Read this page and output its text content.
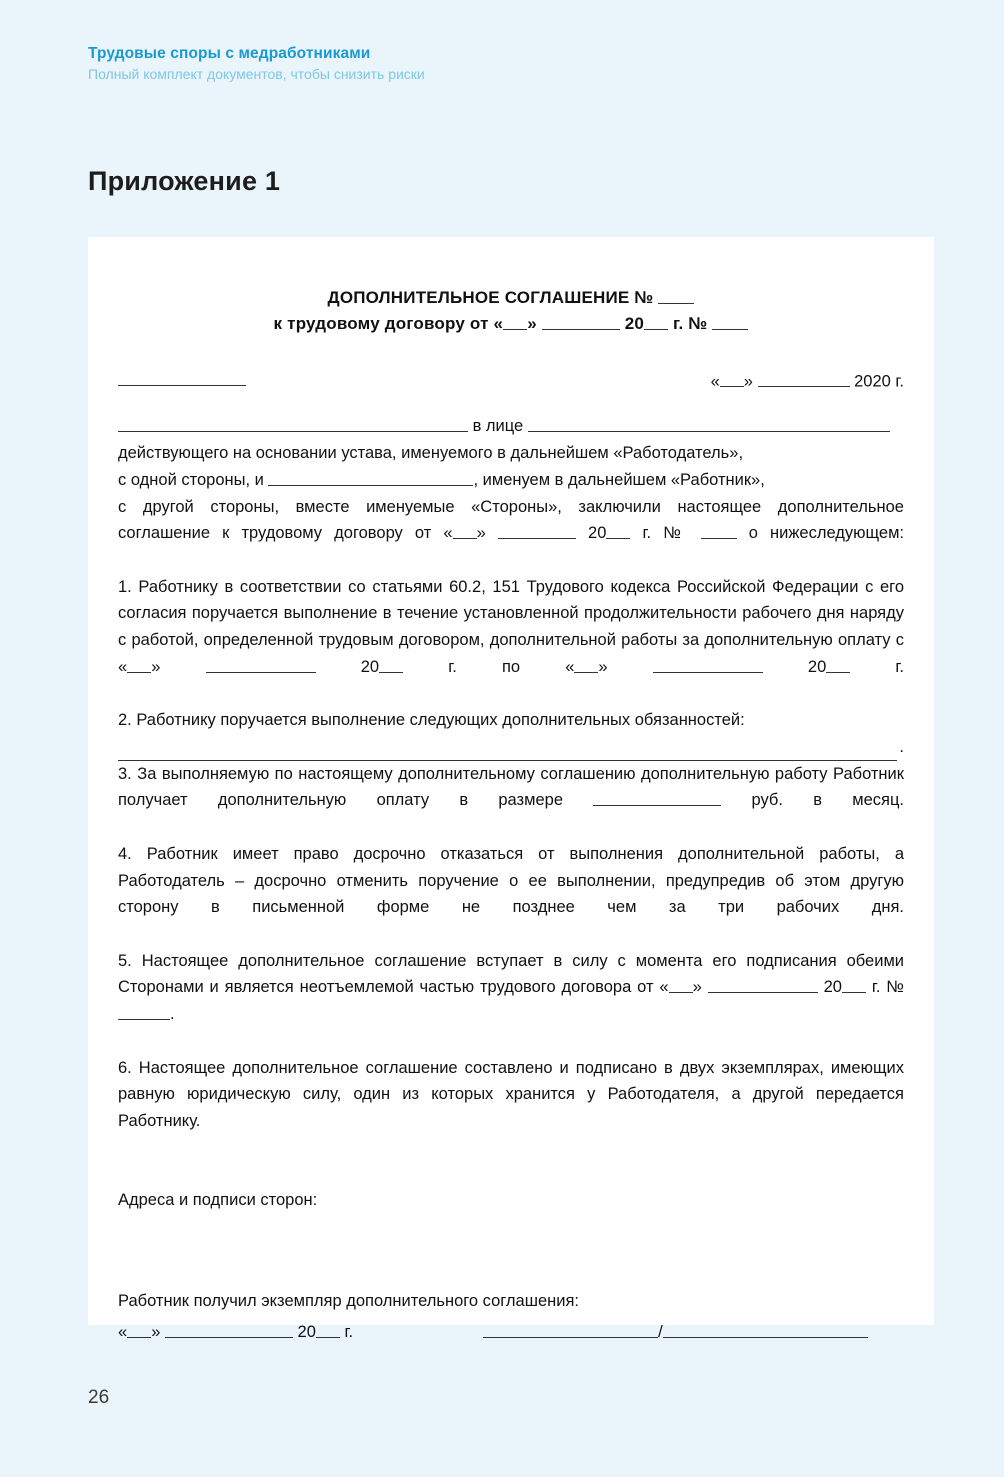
Трудовые споры с медработниками
Полный комплект документов, чтобы снизить риски
Приложение 1
ДОПОЛНИТЕЛЬНОЕ СОГЛАШЕНИЕ №
к трудовому договору от « »	20 г. №
« »	2020 г.

в лице
действующего на основании устава, именуемого в дальнейшем «Работодатель»,
с одной стороны, и	, именуем в дальнейшем «Работник»,

с другой стороны, вместе именуемые «Стороны», заключили настоящее дополнительное соглашение к трудовому договору от « »	20 г. №  о нижеследующем:

1. Работнику в соответствии со статьями 60.2, 151 Трудового кодекса Российской Федерации с его согласия поручается выполнение в течение установленной продолжительности рабочего дня наряду с работой, определенной трудовым договором, дополнительной работы за дополнительную оплату с « »	20 г. по « »	20 г.

2. Работнику поручается выполнение следующих дополнительных обязанностей:

.

3. За выполняемую по настоящему дополнительному соглашению дополнительную работу Работник получает дополнительную оплату в размере	руб. в месяц.

4. Работник имеет право досрочно отказаться от выполнения дополнительной работы, а Работодатель – досрочно отменить поручение о ее выполнении, предупредив об этом другую сторону в письменной форме не позднее чем за три рабочих дня.

5. Настоящее дополнительное соглашение вступает в силу с момента его подписания обеими Сторонами и является неотъемлемой частью трудового договора от « »	20 г. № .

6. Настоящее дополнительное соглашение составлено и подписано в двух экземплярах, имеющих равную юридическую силу, один из которых хранится у Работодателя, а другой передается Работнику.

Адреса и подписи сторон:
Работник получил экземпляр дополнительного соглашения:
« »	20 г.	/
26
